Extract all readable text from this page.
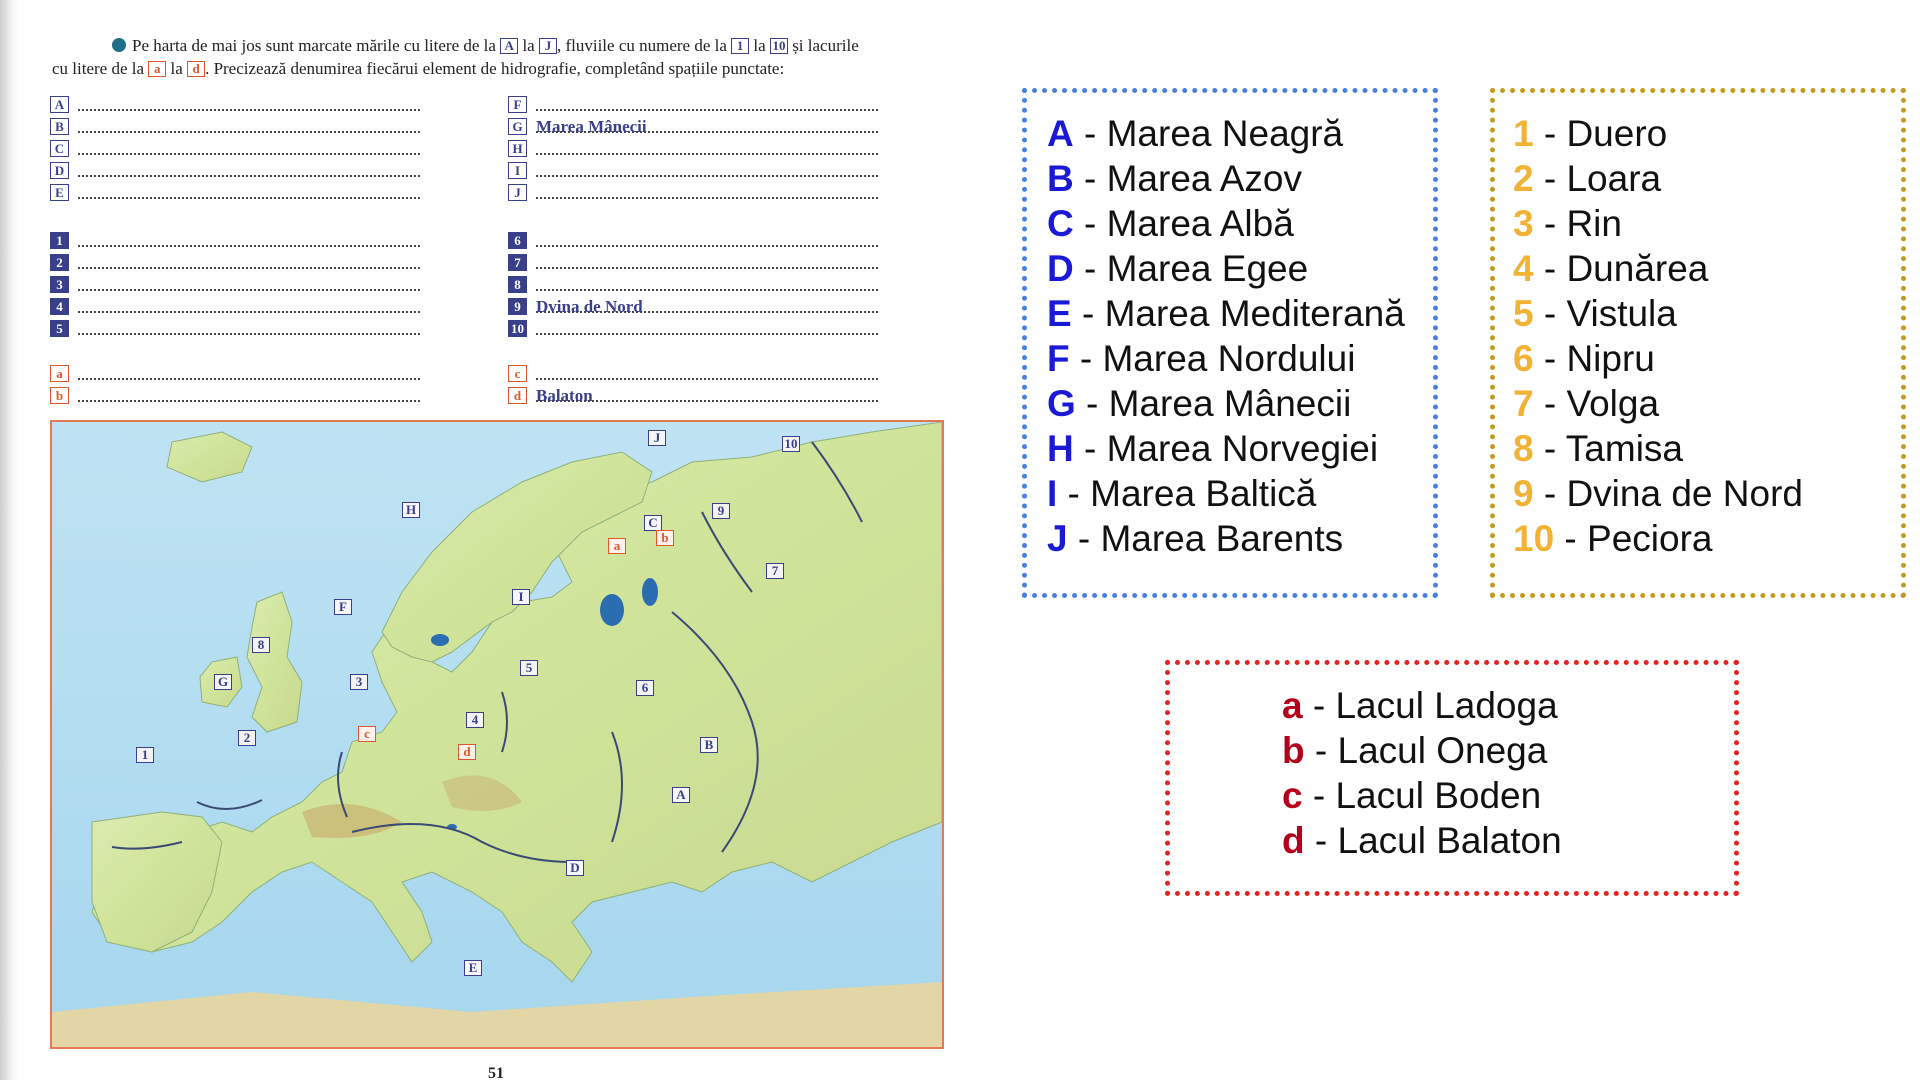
Pe harta de mai jos sunt marcate mările cu litere de la A la J , fluviile cu numere de la 1 la 10 și lacurile
cu litere de la a la d . Precizează denumirea fiecărui element de hidrografie, completând spațiile punctate:
A
B
C
D
E
F
G Marea Mânecii
H
I
J
1
2
3
4
5
6
7
8
9 Dvina de Nord
10
a
b
c
d Balaton
A
B
C
D
E
F
G
H
I
J
1
2
3
4
5
6
7
8
9
10
a
b
c
d
51
A - Marea Neagră
B - Marea Azov
C - Marea Albă
D - Marea Egee
E - Marea Mediterană
F - Marea Nordului
G - Marea Mânecii
H - Marea Norvegiei
I - Marea Baltică
J - Marea Barents
1 - Duero
2 - Loara
3 - Rin
4 - Dunărea
5 - Vistula
6 - Nipru
7 - Volga
8 - Tamisa
9 - Dvina de Nord
10 - Peciora
a - Lacul Ladoga
b - Lacul Onega
c - Lacul Boden
d - Lacul Balaton
